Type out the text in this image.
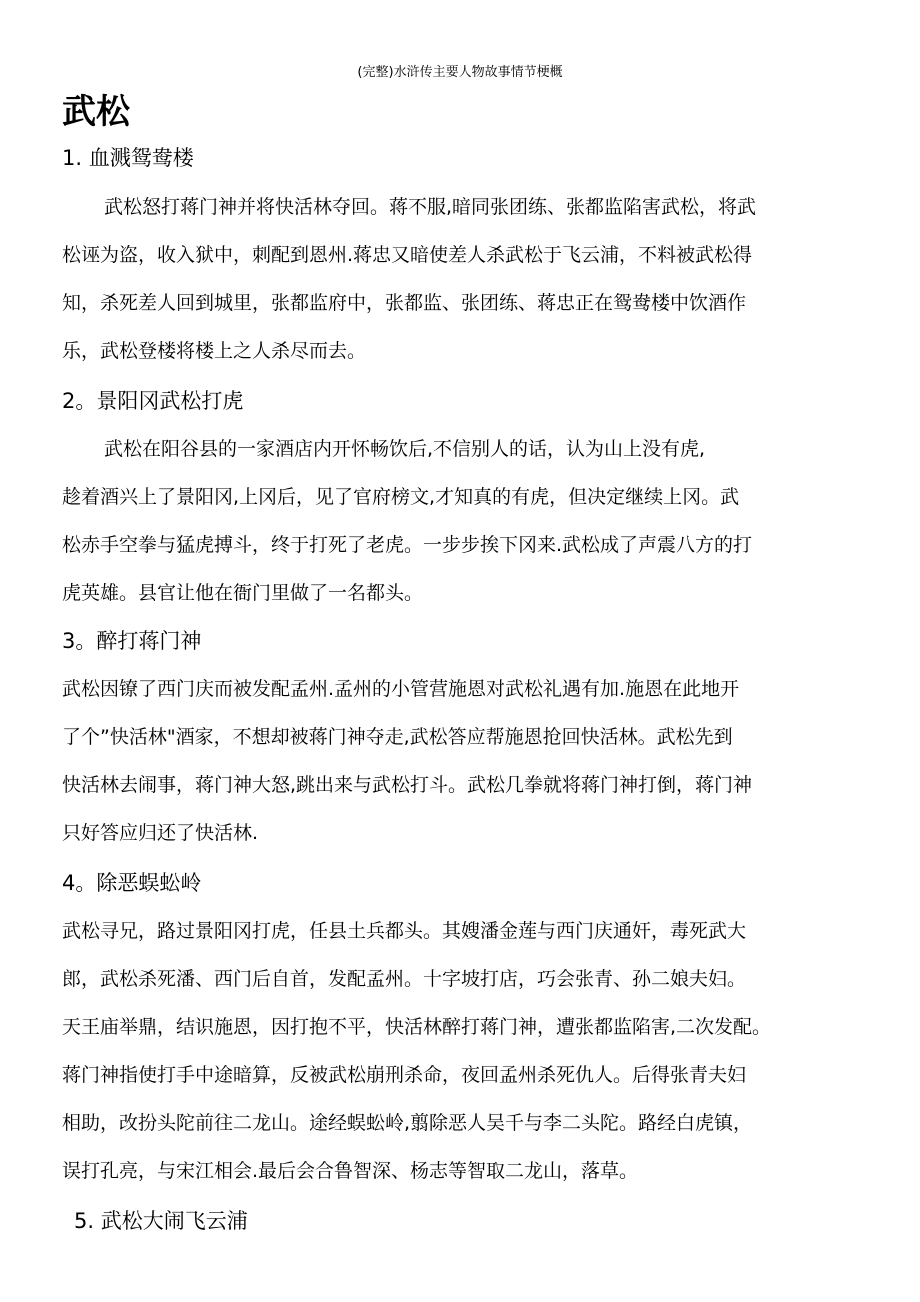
(完整)水浒传主要人物故事情节梗概
武松
1. 血溅鸳鸯楼
武松怒打蒋门神并将快活林夺回。蒋不服,暗同张团练、张都监陷害武松，将武
松诬为盗，收入狱中，刺配到恩州.蒋忠又暗使差人杀武松于飞云浦，不料被武松得
知，杀死差人回到城里，张都监府中，张都监、张团练、蒋忠正在鸳鸯楼中饮酒作
乐，武松登楼将楼上之人杀尽而去。
2。景阳冈武松打虎
武松在阳谷县的一家酒店内开怀畅饮后,不信别人的话，认为山上没有虎,
趁着酒兴上了景阳冈,上冈后，见了官府榜文,才知真的有虎，但决定继续上冈。武
松赤手空拳与猛虎搏斗，终于打死了老虎。一步步挨下冈来.武松成了声震八方的打
虎英雄。县官让他在衙门里做了一名都头。
3。醉打蒋门神
武松因镣了西门庆而被发配孟州.孟州的小管营施恩对武松礼遇有加.施恩在此地开
了个”快活林"酒家，不想却被蒋门神夺走,武松答应帮施恩抢回快活林。武松先到
快活林去闹事，蒋门神大怒,跳出来与武松打斗。武松几拳就将蒋门神打倒，蒋门神
只好答应归还了快活林.
4。除恶蜈蚣岭
武松寻兄，路过景阳冈打虎，任县土兵都头。其嫂潘金莲与西门庆通奸，毒死武大
郎，武松杀死潘、西门后自首，发配孟州。十字坡打店，巧会张青、孙二娘夫妇。
天王庙举鼎，结识施恩，因打抱不平，快活林醉打蒋门神，遭张都监陷害,二次发配。
蒋门神指使打手中途暗算，反被武松崩刑杀命，夜回孟州杀死仇人。后得张青夫妇
相助，改扮头陀前往二龙山。途经蜈蚣岭,翦除恶人吴千与李二头陀。路经白虎镇，
误打孔亮，与宋江相会.最后会合鲁智深、杨志等智取二龙山，落草。
5. 武松大闹飞云浦
